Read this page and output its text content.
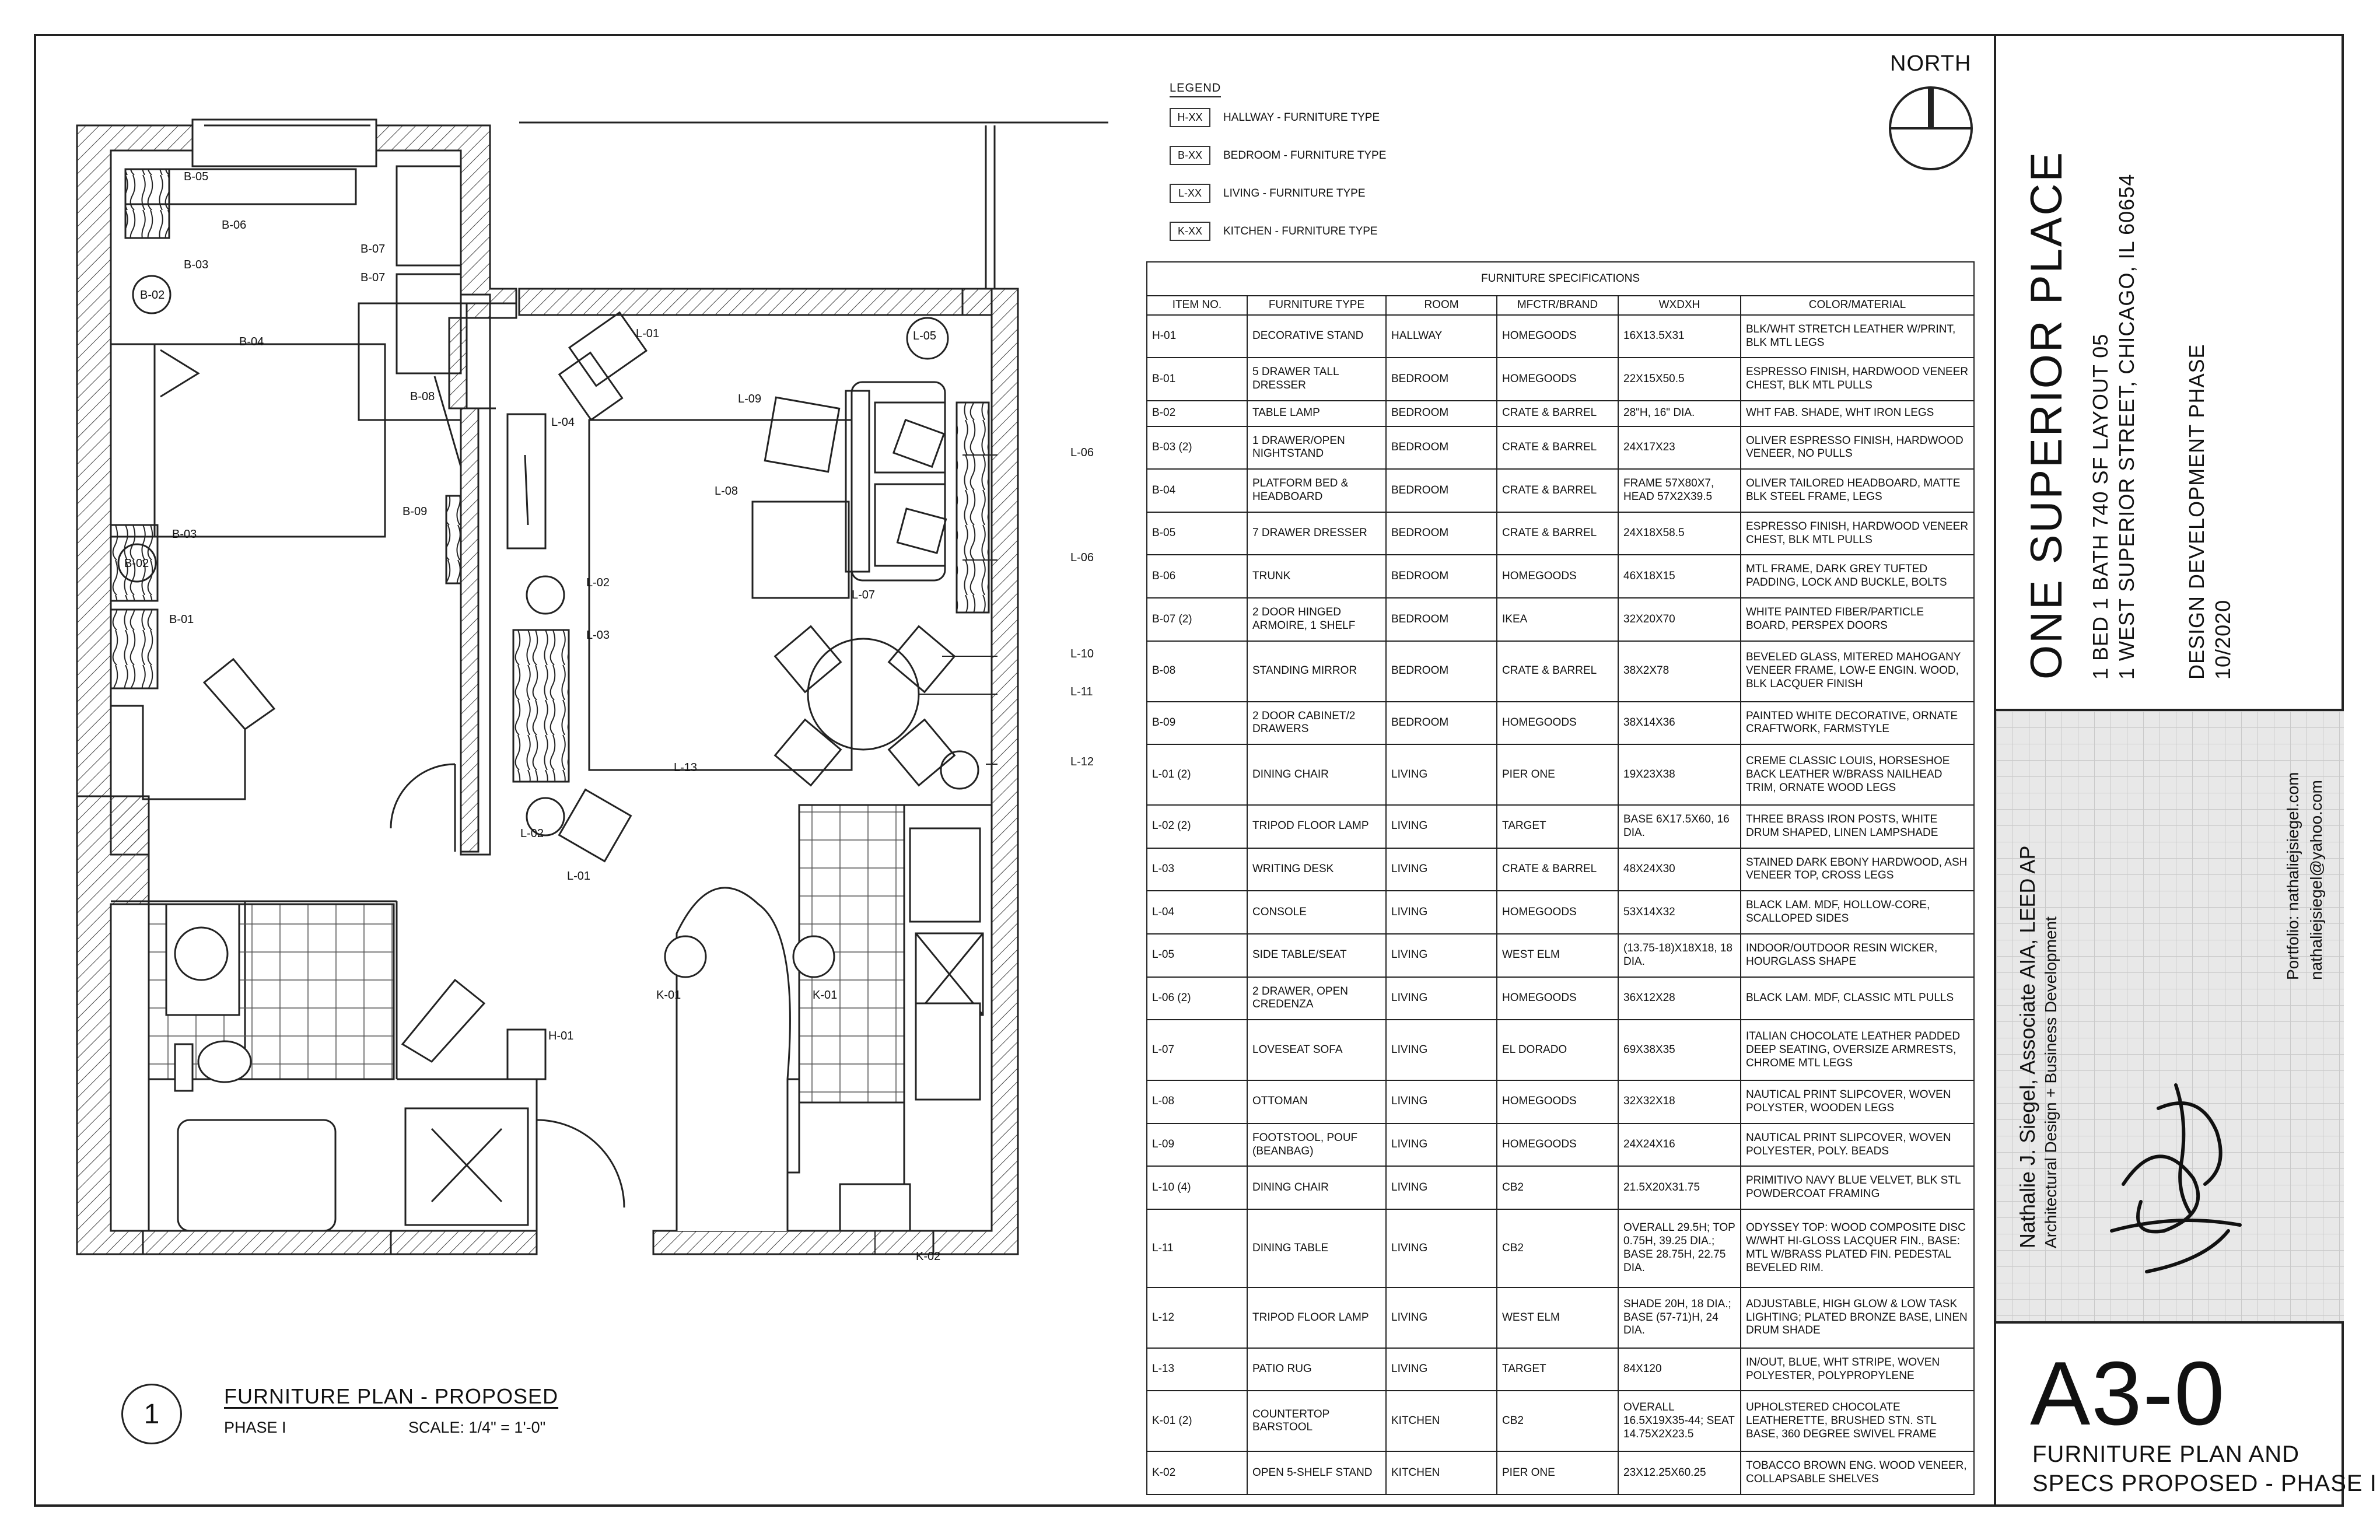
B-05
B-06
B-03
B-02
B-07
B-07
B-04
B-08
B-09
B-03
B-02
B-01
L-01	L-05
L-09
L-04
L-06
L-08
L-06
L-07
L-02
L-03
L-10
L-11
L-12
L-13
L-02
L-01
K-01	K-01
H-01
K-02
1
FURNITURE PLAN - PROPOSED
PHASE I	SCALE: 1/4" = 1'-0"
LEGEND
H-XX	HALLWAY - FURNITURE TYPE
B-XX	BEDROOM - FURNITURE TYPE
L-XX	LIVING - FURNITURE TYPE
K-XX	KITCHEN - FURNITURE TYPE
NORTH
FURNITURE SPECIFICATIONS					
ITEM NO.	FURNITURE TYPE	ROOM	MFCTR/BRAND	WXDXH	COLOR/MATERIAL
H-01	DECORATIVE STAND	HALLWAY	HOMEGOODS	16X13.5X31	BLK/WHT STRETCH LEATHER W/PRINT, BLK MTL LEGS
B-01	5 DRAWER TALL DRESSER	BEDROOM	HOMEGOODS	22X15X50.5	ESPRESSO FINISH, HARDWOOD VENEER CHEST, BLK MTL PULLS
B-02	TABLE LAMP	BEDROOM	CRATE & BARREL	28"H, 16" DIA.	WHT FAB. SHADE, WHT IRON LEGS
B-03 (2)	1 DRAWER/OPEN NIGHTSTAND	BEDROOM	CRATE & BARREL	24X17X23	OLIVER ESPRESSO FINISH, HARDWOOD VENEER, NO PULLS
B-04	PLATFORM BED & HEADBOARD	BEDROOM	CRATE & BARREL	FRAME 57X80X7, HEAD 57X2X39.5	OLIVER TAILORED HEADBOARD, MATTE BLK STEEL FRAME, LEGS
B-05	7 DRAWER DRESSER	BEDROOM	CRATE & BARREL	24X18X58.5	ESPRESSO FINISH, HARDWOOD VENEER CHEST, BLK MTL PULLS
B-06	TRUNK	BEDROOM	HOMEGOODS	46X18X15	MTL FRAME, DARK GREY TUFTED PADDING, LOCK AND BUCKLE, BOLTS
B-07 (2)	2 DOOR HINGED ARMOIRE, 1 SHELF	BEDROOM	IKEA	32X20X70	WHITE PAINTED FIBER/PARTICLE BOARD, PERSPEX DOORS
B-08	STANDING MIRROR	BEDROOM	CRATE & BARREL	38X2X78	BEVELED GLASS, MITERED MAHOGANY VENEER FRAME, LOW-E ENGIN. WOOD, BLK LACQUER FINISH
B-09	2 DOOR CABINET/2 DRAWERS	BEDROOM	HOMEGOODS	38X14X36	PAINTED WHITE DECORATIVE, ORNATE CRAFTWORK, FARMSTYLE
L-01 (2)	DINING CHAIR	LIVING	PIER ONE	19X23X38	CREME CLASSIC LOUIS, HORSESHOE BACK LEATHER W/BRASS NAILHEAD TRIM, ORNATE WOOD LEGS
L-02 (2)	TRIPOD FLOOR LAMP	LIVING	TARGET	BASE 6X17.5X60, 16 DIA.	THREE BRASS IRON POSTS, WHITE DRUM SHAPED, LINEN LAMPSHADE
L-03	WRITING DESK	LIVING	CRATE & BARREL	48X24X30	STAINED DARK EBONY HARDWOOD, ASH VENEER TOP, CROSS LEGS
L-04	CONSOLE	LIVING	HOMEGOODS	53X14X32	BLACK LAM. MDF, HOLLOW-CORE, SCALLOPED SIDES
L-05	SIDE TABLE/SEAT	LIVING	WEST ELM	(13.75-18)X18X18, 18 DIA.	INDOOR/OUTDOOR RESIN WICKER, HOURGLASS SHAPE
L-06 (2)	2 DRAWER, OPEN CREDENZA	LIVING	HOMEGOODS	36X12X28	BLACK LAM. MDF, CLASSIC MTL PULLS
L-07	LOVESEAT SOFA	LIVING	EL DORADO	69X38X35	ITALIAN CHOCOLATE LEATHER PADDED DEEP SEATING, OVERSIZE ARMRESTS, CHROME MTL LEGS
L-08	OTTOMAN	LIVING	HOMEGOODS	32X32X18	NAUTICAL PRINT SLIPCOVER, WOVEN POLYSTER, WOODEN LEGS
L-09	FOOTSTOOL, POUF (BEANBAG)	LIVING	HOMEGOODS	24X24X16	NAUTICAL PRINT SLIPCOVER, WOVEN POLYESTER, POLY. BEADS
L-10 (4)	DINING CHAIR	LIVING	CB2	21.5X20X31.75	PRIMITIVO NAVY BLUE VELVET, BLK STL POWDERCOAT FRAMING
L-11	DINING TABLE	LIVING	CB2	OVERALL 29.5H; TOP 0.75H, 39.25 DIA.; BASE 28.75H, 22.75 DIA.	ODYSSEY TOP: WOOD COMPOSITE DISC W/WHT HI-GLOSS LACQUER FIN., BASE: MTL W/BRASS PLATED FIN. PEDESTAL BEVELED RIM.
L-12	TRIPOD FLOOR LAMP	LIVING	WEST ELM	SHADE 20H, 18 DIA.; BASE (57-71)H, 24 DIA.	ADJUSTABLE, HIGH GLOW & LOW TASK LIGHTING; PLATED BRONZE BASE, LINEN DRUM SHADE
L-13	PATIO RUG	LIVING	TARGET	84X120	IN/OUT, BLUE, WHT STRIPE, WOVEN POLYESTER, POLYPROPYLENE
K-01 (2)	COUNTERTOP BARSTOOL	KITCHEN	CB2	OVERALL 16.5X19X35-44; SEAT 14.75X2X23.5	UPHOLSTERED CHOCOLATE LEATHERETTE, BRUSHED STN. STL BASE, 360 DEGREE SWIVEL FRAME
K-02	OPEN 5-SHELF STAND	KITCHEN	PIER ONE	23X12.25X60.25	TOBACCO BROWN ENG. WOOD VENEER, COLLAPSABLE SHELVES
ONE SUPERIOR PLACE 1 BED 1 BATH 740 SF LAYOUT 05 1 WEST SUPERIOR STREET, CHICAGO, IL 60654 DESIGN DEVELOPMENT PHASE 10/2020
Nathalie J. Siegel, Associate AIA, LEED AP Architectural Design + Business Development
Portfolio: nathaliejsiegel.com nathaliejsiegel@yahoo.com
A3-0
FURNITURE PLAN AND
SPECS PROPOSED - PHASE I
